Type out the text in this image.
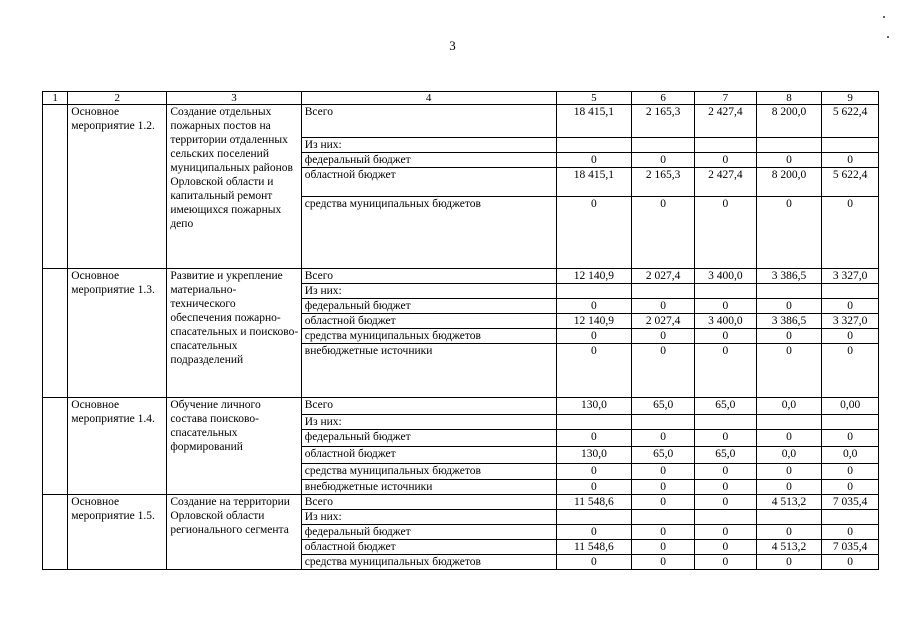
3
1	2	3	4	5	6	7	8	9
	Основное мероприятие 1.2.	Создание отдельных пожарных постов на территории отдаленных сельских поселений муниципальных районов Орловской области и капитальный ремонт имеющихся пожарных депо	Всего	18 415,1	2 165,3	2 427,4	8 200,0	5 622,4
			Из них:					
			федеральный бюджет	0	0	0	0	0
			областной бюджет	18 415,1	2 165,3	2 427,4	8 200,0	5 622,4
			средства муниципальных бюджетов	0	0	0	0	0
	Основное мероприятие 1.3.	Развитие и укрепление материально-технического обеспечения пожарно-спасательных и поисково-спасательных подразделений	Всего	12 140,9	2 027,4	3 400,0	3 386,5	3 327,0
			Из них:					
			федеральный бюджет	0	0	0	0	0
			областной бюджет	12 140,9	2 027,4	3 400,0	3 386,5	3 327,0
			средства муниципальных бюджетов	0	0	0	0	0
			внебюджетные источники	0	0	0	0	0
	Основное мероприятие 1.4.	Обучение личного состава поисково-спасательных формирований	Всего	130,0	65,0	65,0	0,0	0,00
			Из них:					
			федеральный бюджет	0	0	0	0	0
			областной бюджет	130,0	65,0	65,0	0,0	0,0
			средства муниципальных бюджетов	0	0	0	0	0
			внебюджетные источники	0	0	0	0	0
	Основное мероприятие 1.5.	Создание на территории Орловской области регионального сегмента	Всего	11 548,6	0	0	4 513,2	7 035,4
			Из них:					
			федеральный бюджет	0	0	0	0	0
			областной бюджет	11 548,6	0	0	4 513,2	7 035,4
			средства муниципальных бюджетов	0	0	0	0	0
